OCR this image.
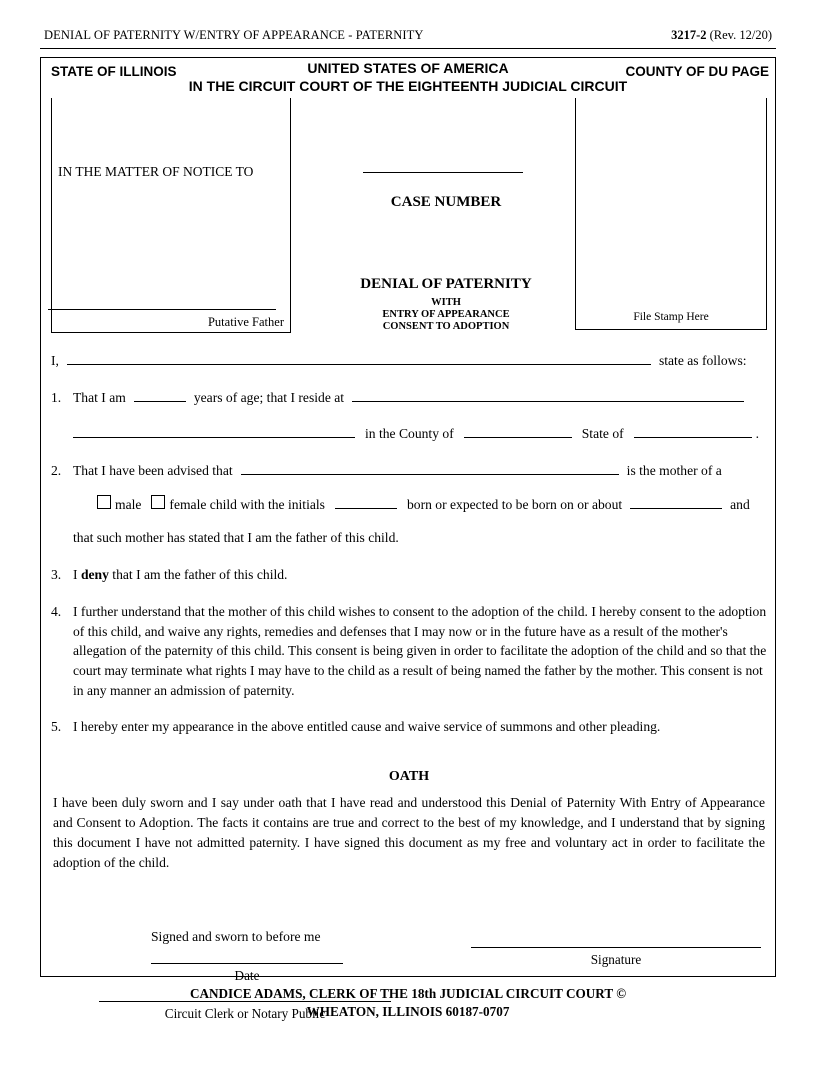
DENIAL OF PATERNITY W/ENTRY OF APPEARANCE - PATERNITY	3217-2 (Rev. 12/20)
STATE OF ILLINOIS	UNITED STATES OF AMERICA
IN THE CIRCUIT COURT OF THE EIGHTEENTH JUDICIAL CIRCUIT
COUNTY OF DU PAGE
IN THE MATTER OF NOTICE TO
Putative Father
CASE NUMBER
DENIAL OF PATERNITY
WITH
ENTRY OF APPEARANCE
CONSENT TO ADOPTION
File Stamp Here
I,	state as follows:
1. That I am	years of age; that I reside at
in the County of	State of	.
2. That I have been advised that	is the mother of a
male female child with the initials	born or expected to be born on or about	and
that such mother has stated that I am the father of this child.
3. I deny that I am the father of this child.
4. I further understand that the mother of this child wishes to consent to the adoption of the child. I hereby consent to the adoption of this child, and waive any rights, remedies and defenses that I may now or in the future have as a result of the mother's allegation of the paternity of this child. This consent is being given in order to facilitate the adoption of the child and so that the court may terminate what rights I may have to the child as a result of being named the father by the mother. This consent is not in any manner an admission of paternity.
5. I hereby enter my appearance in the above entitled cause and waive service of summons and other pleading.
OATH
I have been duly sworn and I say under oath that I have read and understood this Denial of Paternity With Entry of Appearance and Consent to Adoption. The facts it contains are true and correct to the best of my knowledge, and I understand that by signing this document I have not admitted paternity. I have signed this document as my free and voluntary act in order to facilitate the adoption of the child.
Signed and sworn to before me
Date
Circuit Clerk or Notary Public
Signature
CANDICE ADAMS, CLERK OF THE 18th JUDICIAL CIRCUIT COURT ©
WHEATON, ILLINOIS 60187-0707
